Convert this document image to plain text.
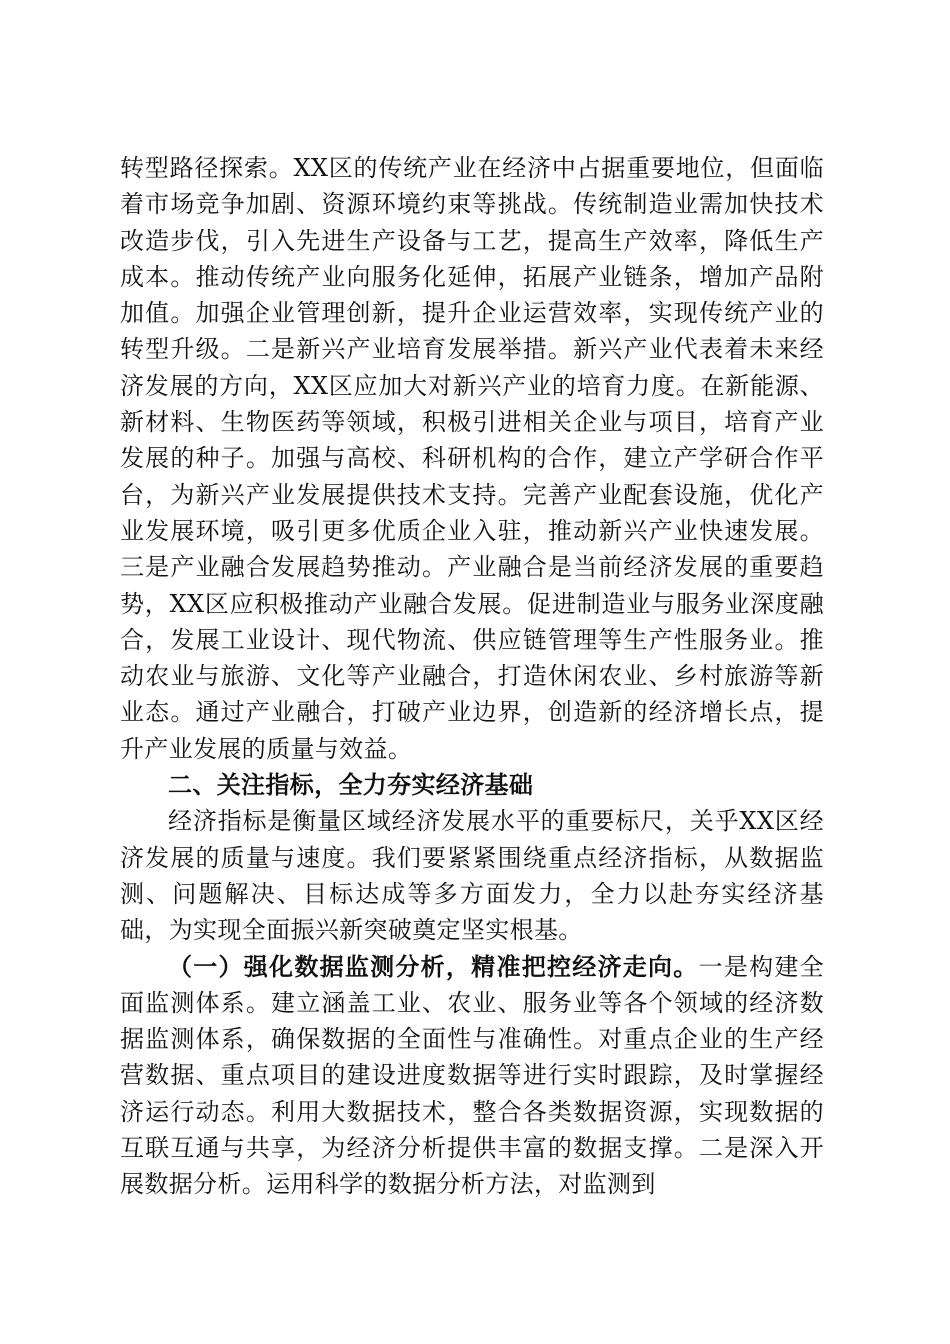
转型路径探索。XX区的传统产业在经济中占据重要地位，但面临着市场竞争加剧、资源环境约束等挑战。传统制造业需加快技术改造步伐，引入先进生产设备与工艺，提高生产效率，降低生产成本。推动传统产业向服务化延伸，拓展产业链条，增加产品附加值。加强企业管理创新，提升企业运营效率，实现传统产业的转型升级。二是新兴产业培育发展举措。新兴产业代表着未来经济发展的方向，XX区应加大对新兴产业的培育力度。在新能源、新材料、生物医药等领域，积极引进相关企业与项目，培育产业发展的种子。加强与高校、科研机构的合作，建立产学研合作平台，为新兴产业发展提供技术支持。完善产业配套设施，优化产业发展环境，吸引更多优质企业入驻，推动新兴产业快速发展。三是产业融合发展趋势推动。产业融合是当前经济发展的重要趋势，XX区应积极推动产业融合发展。促进制造业与服务业深度融合，发展工业设计、现代物流、供应链管理等生产性服务业。推动农业与旅游、文化等产业融合，打造休闲农业、乡村旅游等新业态。通过产业融合，打破产业边界，创造新的经济增长点，提升产业发展的质量与效益。

二、关注指标，全力夯实经济基础

经济指标是衡量区域经济发展水平的重要标尺，关乎XX区经济发展的质量与速度。我们要紧紧围绕重点经济指标，从数据监测、问题解决、目标达成等多方面发力，全力以赴夯实经济基础，为实现全面振兴新突破奠定坚实根基。

（一）强化数据监测分析，精准把控经济走向。一是构建全面监测体系。建立涵盖工业、农业、服务业等各个领域的经济数据监测体系，确保数据的全面性与准确性。对重点企业的生产经营数据、重点项目的建设进度数据等进行实时跟踪，及时掌握经济运行动态。利用大数据技术，整合各类数据资源，实现数据的互联互通与共享，为经济分析提供丰富的数据支撑。二是深入开展数据分析。运用科学的数据分析方法，对监测到
